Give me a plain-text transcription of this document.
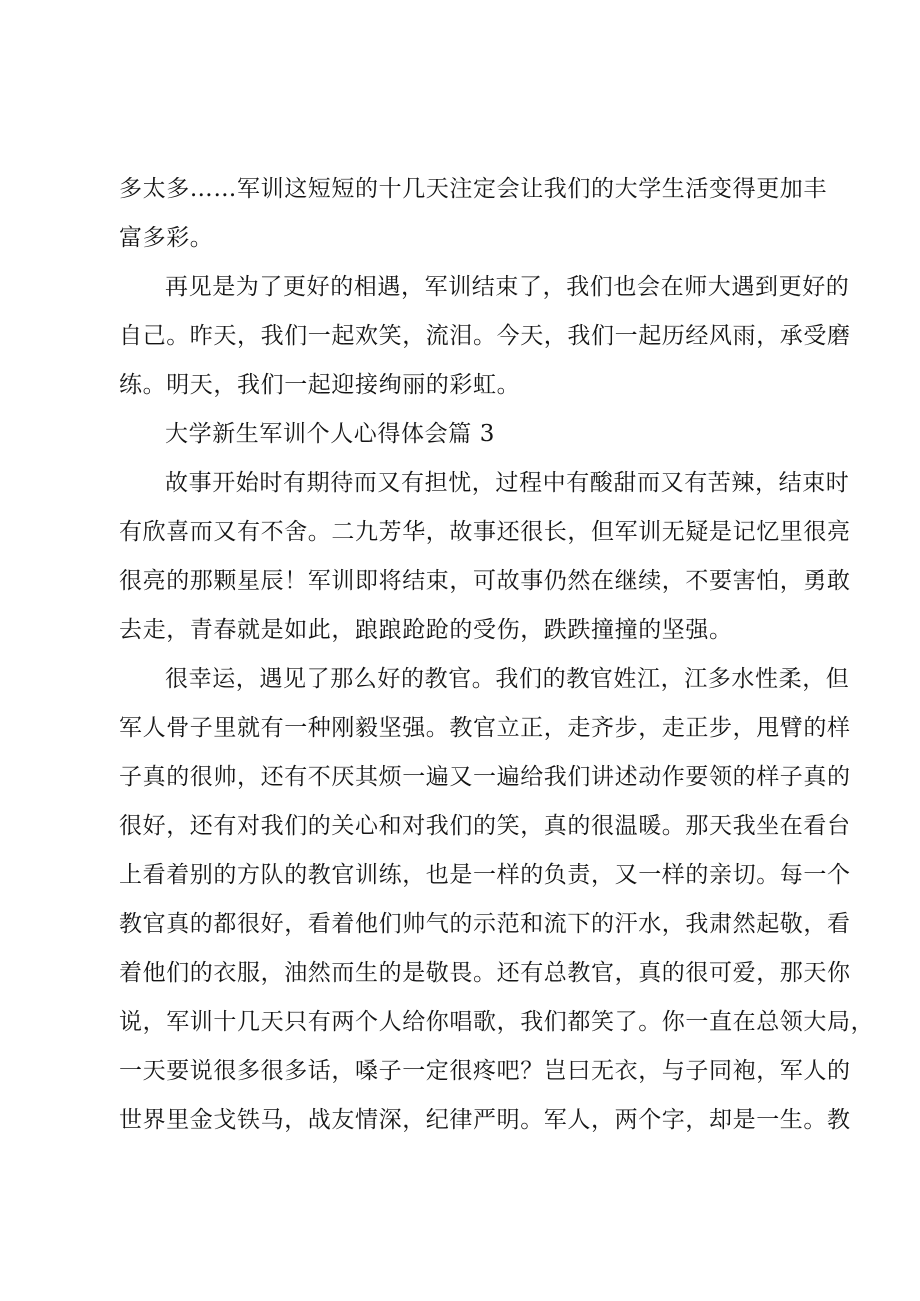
多太多……军训这短短的十几天注定会让我们的大学生活变得更加丰
富多彩。
再见是为了更好的相遇，军训结束了，我们也会在师大遇到更好的
自己。昨天，我们一起欢笑，流泪。今天，我们一起历经风雨，承受磨
练。明天，我们一起迎接绚丽的彩虹。
大学新生军训个人心得体会篇 3
故事开始时有期待而又有担忧，过程中有酸甜而又有苦辣，结束时
有欣喜而又有不舍。二九芳华，故事还很长，但军训无疑是记忆里很亮
很亮的那颗星辰！军训即将结束，可故事仍然在继续，不要害怕，勇敢
去走，青春就是如此，踉踉跄跄的受伤，跌跌撞撞的坚强。
很幸运，遇见了那么好的教官。我们的教官姓江，江多水性柔，但
军人骨子里就有一种刚毅坚强。教官立正，走齐步，走正步，甩臂的样
子真的很帅，还有不厌其烦一遍又一遍给我们讲述动作要领的样子真的
很好，还有对我们的关心和对我们的笑，真的很温暖。那天我坐在看台
上看着别的方队的教官训练，也是一样的负责，又一样的亲切。每一个
教官真的都很好，看着他们帅气的示范和流下的汗水，我肃然起敬，看
着他们的衣服，油然而生的是敬畏。还有总教官，真的很可爱，那天你
说，军训十几天只有两个人给你唱歌，我们都笑了。你一直在总领大局，
一天要说很多很多话，嗓子一定很疼吧？岂曰无衣，与子同袍，军人的
世界里金戈铁马，战友情深，纪律严明。军人，两个字，却是一生。教
